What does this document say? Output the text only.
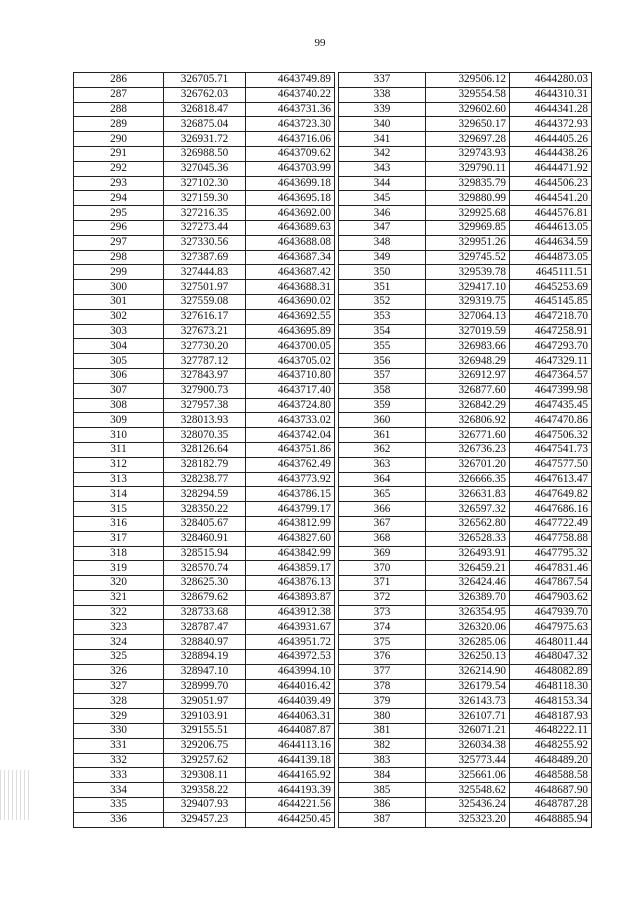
99
286	326705.71	4643749.89
287	326762.03	4643740.22
288	326818.47	4643731.36
289	326875.04	4643723.30
290	326931.72	4643716.06
291	326988.50	4643709.62
292	327045.36	4643703.99
293	327102.30	4643699.18
294	327159.30	4643695.18
295	327216.35	4643692.00
296	327273.44	4643689.63
297	327330.56	4643688.08
298	327387.69	4643687.34
299	327444.83	4643687.42
300	327501.97	4643688.31
301	327559.08	4643690.02
302	327616.17	4643692.55
303	327673.21	4643695.89
304	327730.20	4643700.05
305	327787.12	4643705.02
306	327843.97	4643710.80
307	327900.73	4643717.40
308	327957.38	4643724.80
309	328013.93	4643733.02
310	328070.35	4643742.04
311	328126.64	4643751.86
312	328182.79	4643762.49
313	328238.77	4643773.92
314	328294.59	4643786.15
315	328350.22	4643799.17
316	328405.67	4643812.99
317	328460.91	4643827.60
318	328515.94	4643842.99
319	328570.74	4643859.17
320	328625.30	4643876.13
321	328679.62	4643893.87
322	328733.68	4643912.38
323	328787.47	4643931.67
324	328840.97	4643951.72
325	328894.19	4643972.53
326	328947.10	4643994.10
327	328999.70	4644016.42
328	329051.97	4644039.49
329	329103.91	4644063.31
330	329155.51	4644087.87
331	329206.75	4644113.16
332	329257.62	4644139.18
333	329308.11	4644165.92
334	329358.22	4644193.39
335	329407.93	4644221.56
336	329457.23	4644250.45
337	329506.12	4644280.03
338	329554.58	4644310.31
339	329602.60	4644341.28
340	329650.17	4644372.93
341	329697.28	4644405.26
342	329743.93	4644438.26
343	329790.11	4644471.92
344	329835.79	4644506.23
345	329880.99	4644541.20
346	329925.68	4644576.81
347	329969.85	4644613.05
348	329951.26	4644634.59
349	329745.52	4644873.05
350	329539.78	4645111.51
351	329417.10	4645253.69
352	329319.75	4645145.85
353	327064.13	4647218.70
354	327019.59	4647258.91
355	326983.66	4647293.70
356	326948.29	4647329.11
357	326912.97	4647364.57
358	326877.60	4647399.98
359	326842.29	4647435.45
360	326806.92	4647470.86
361	326771.60	4647506.32
362	326736.23	4647541.73
363	326701.20	4647577.50
364	326666.35	4647613.47
365	326631.83	4647649.82
366	326597.32	4647686.16
367	326562.80	4647722.49
368	326528.33	4647758.88
369	326493.91	4647795.32
370	326459.21	4647831.46
371	326424.46	4647867.54
372	326389.70	4647903.62
373	326354.95	4647939.70
374	326320.06	4647975.63
375	326285.06	4648011.44
376	326250.13	4648047.32
377	326214.90	4648082.89
378	326179.54	4648118.30
379	326143.73	4648153.34
380	326107.71	4648187.93
381	326071.21	4648222.11
382	326034.38	4648255.92
383	325773.44	4648489.20
384	325661.06	4648588.58
385	325548.62	4648687.90
386	325436.24	4648787.28
387	325323.20	4648885.94
